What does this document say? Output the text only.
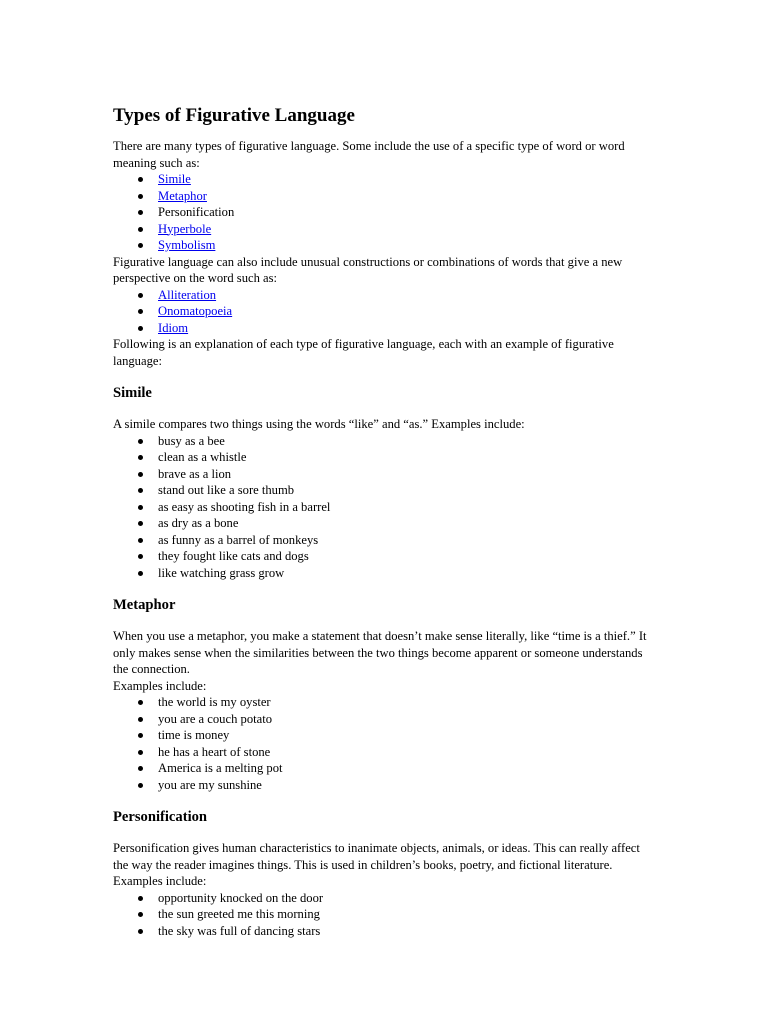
Types of Figurative Language

There are many types of figurative language. Some include the use of a specific type of word or word meaning such as:

Simile
Metaphor
Personification
Hyperbole
Symbolism

Figurative language can also include unusual constructions or combinations of words that give a new perspective on the word such as:

Alliteration
Onomatopoeia
Idiom

Following is an explanation of each type of figurative language, each with an example of figurative language:

Simile

A simile compares two things using the words “like” and “as.” Examples include:

busy as a bee
clean as a whistle
brave as a lion
stand out like a sore thumb
as easy as shooting fish in a barrel
as dry as a bone
as funny as a barrel of monkeys
they fought like cats and dogs
like watching grass grow
Metaphor

When you use a metaphor, you make a statement that doesn’t make sense literally, like “time is a thief.” It only makes sense when the similarities between the two things become apparent or someone understands the connection.

Examples include:

the world is my oyster
you are a couch potato
time is money
he has a heart of stone
America is a melting pot
you are my sunshine
Personification

Personification gives human characteristics to inanimate objects, animals, or ideas. This can really affect the way the reader imagines things. This is used in children’s books, poetry, and fictional literature. Examples include:

opportunity knocked on the door
the sun greeted me this morning
the sky was full of dancing stars
